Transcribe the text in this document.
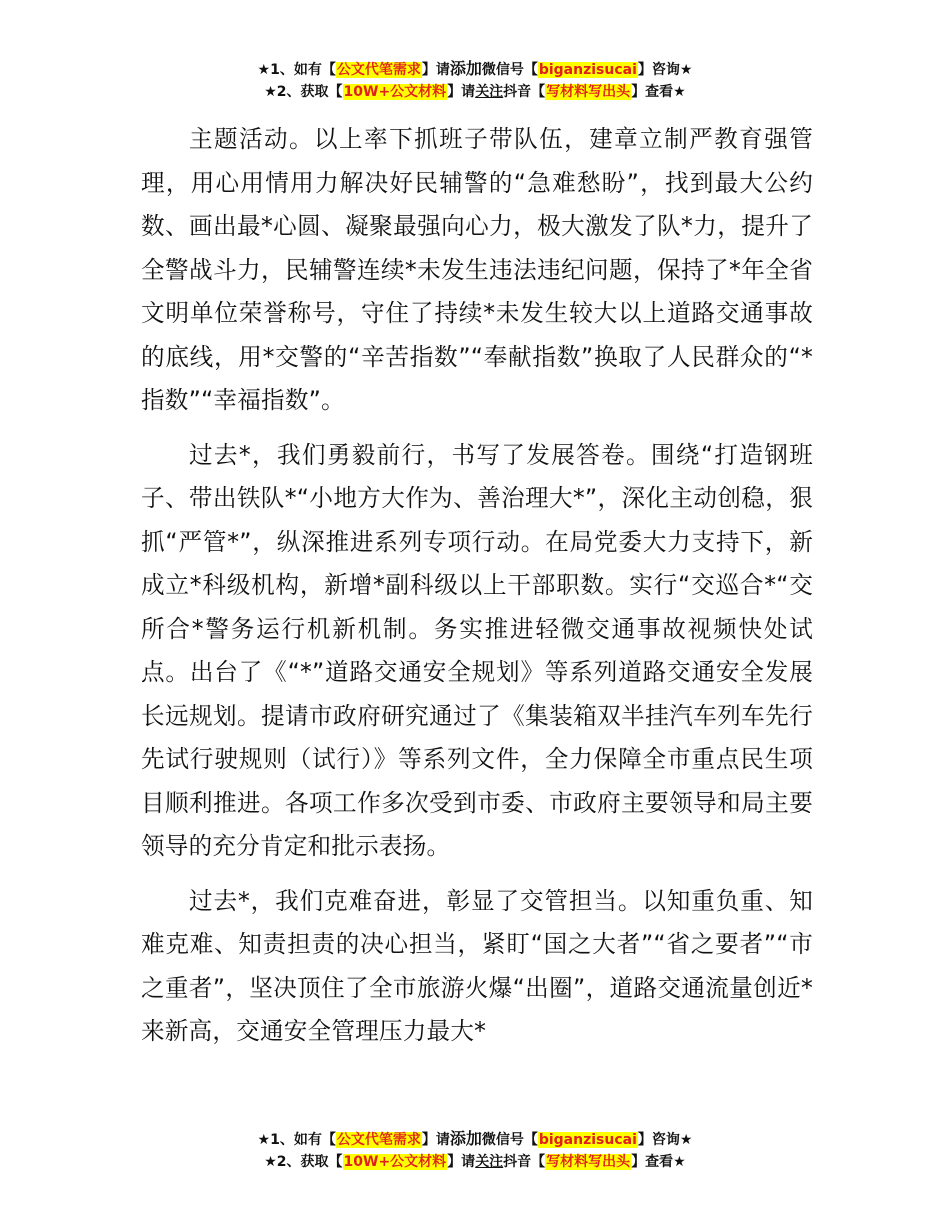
★1、如有【公文代笔需求】请添加微信号【biganzisucai】咨询★
★2、获取【10W+公文材料】请关注抖音【写材料写出头】查看★

主题活动。以上率下抓班子带队伍，建章立制严教育强管理，用心用情用力解决好民辅警的“急难愁盼”，找到最大公约数、画出最*心圆、凝聚最强向心力，极大激发了队*力，提升了全警战斗力，民辅警连续*未发生违法违纪问题，保持了*年全省文明单位荣誉称号，守住了持续*未发生较大以上道路交通事故的底线，用*交警的“辛苦指数”“奉献指数”换取了人民群众的“*指数”“幸福指数”。

过去*，我们勇毅前行，书写了发展答卷。围绕“打造钢班子、带出铁队*“小地方大作为、善治理大*”，深化主动创稳，狠抓“严管*”，纵深推进系列专项行动。在局党委大力支持下，新成立*科级机构，新增*副科级以上干部职数。实行“交巡合*“交所合*警务运行机新机制。务实推进轻微交通事故视频快处试点。出台了《“*”道路交通安全规划》等系列道路交通安全发展长远规划。提请市政府研究通过了《集装箱双半挂汽车列车先行先试行驶规则（试行）》等系列文件，全力保障全市重点民生项目顺利推进。各项工作多次受到市委、市政府主要领导和局主要领导的充分肯定和批示表扬。

过去*，我们克难奋进，彰显了交管担当。以知重负重、知难克难、知责担责的决心担当，紧盯“国之大者”“省之要者”“市之重者”，坚决顶住了全市旅游火爆“出圈”，道路交通流量创近*来新高，交通安全管理压力最大*

★1、如有【公文代笔需求】请添加微信号【biganzisucai】咨询★
★2、获取【10W+公文材料】请关注抖音【写材料写出头】查看★
